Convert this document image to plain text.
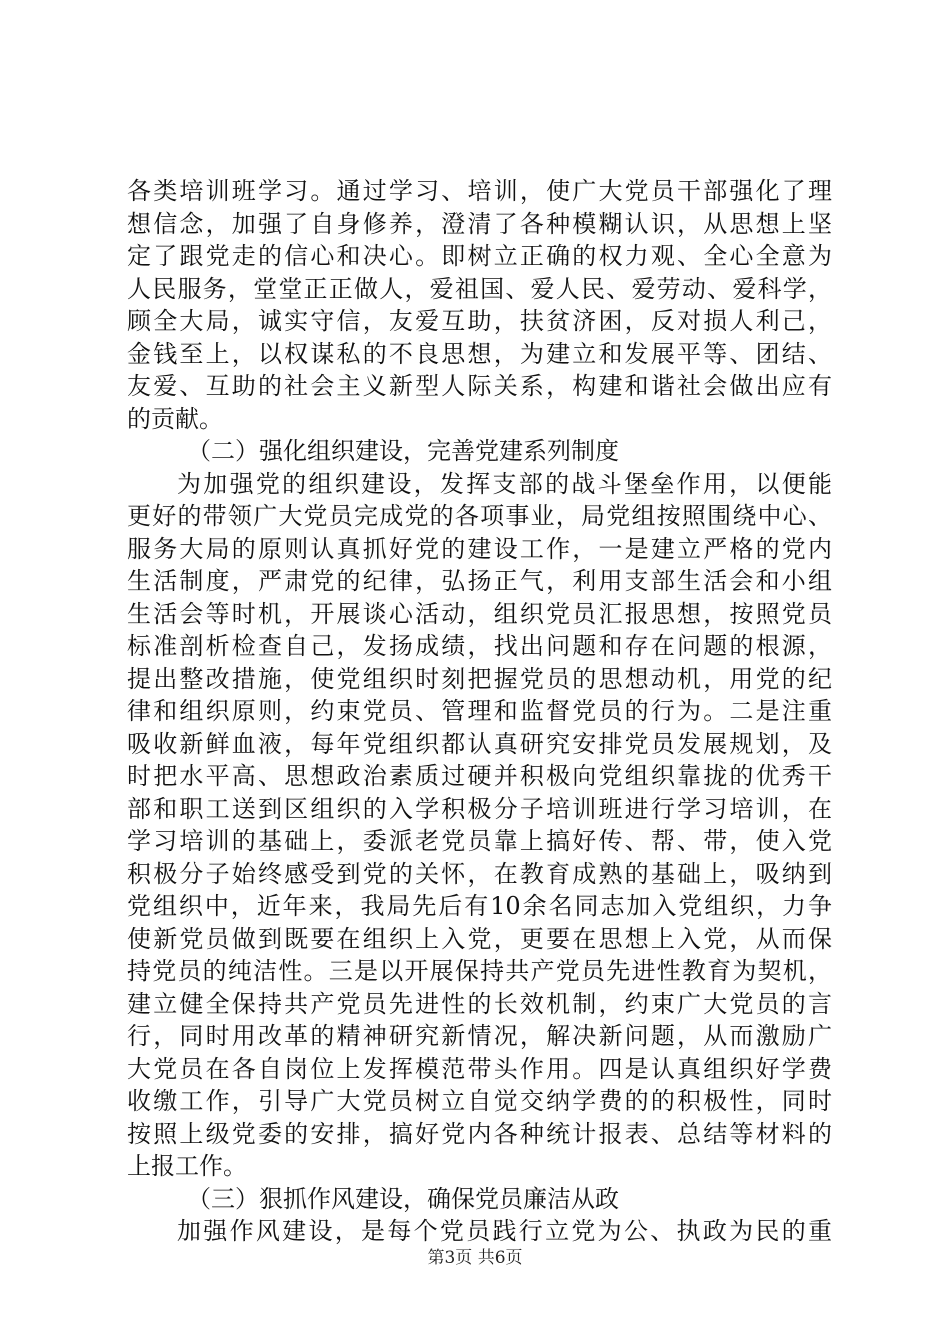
各类培训班学习。通过学习、培训，使广大党员干部强化了理
想信念，加强了自身修养，澄清了各种模糊认识，从思想上坚
定了跟党走的信心和决心。即树立正确的权力观、全心全意为
人民服务，堂堂正正做人，爱祖国、爱人民、爱劳动、爱科学，
顾全大局，诚实守信，友爱互助，扶贫济困，反对损人利己，
金钱至上，以权谋私的不良思想，为建立和发展平等、团结、
友爱、互助的社会主义新型人际关系，构建和谐社会做出应有
的贡献。
（二）强化组织建设，完善党建系列制度
为加强党的组织建设，发挥支部的战斗堡垒作用，以便能
更好的带领广大党员完成党的各项事业，局党组按照围绕中心、
服务大局的原则认真抓好党的建设工作，一是建立严格的党内
生活制度，严肃党的纪律，弘扬正气，利用支部生活会和小组
生活会等时机，开展谈心活动，组织党员汇报思想，按照党员
标准剖析检查自己，发扬成绩，找出问题和存在问题的根源，
提出整改措施，使党组织时刻把握党员的思想动机，用党的纪
律和组织原则，约束党员、管理和监督党员的行为。二是注重
吸收新鲜血液，每年党组织都认真研究安排党员发展规划，及
时把水平高、思想政治素质过硬并积极向党组织靠拢的优秀干
部和职工送到区组织的入学积极分子培训班进行学习培训，在
学习培训的基础上，委派老党员靠上搞好传、帮、带，使入党
积极分子始终感受到党的关怀，在教育成熟的基础上，吸纳到
党组织中，近年来，我局先后有10余名同志加入党组织，力争
使新党员做到既要在组织上入党，更要在思想上入党，从而保
持党员的纯洁性。三是以开展保持共产党员先进性教育为契机，
建立健全保持共产党员先进性的长效机制，约束广大党员的言
行，同时用改革的精神研究新情况，解决新问题，从而激励广
大党员在各自岗位上发挥模范带头作用。四是认真组织好学费
收缴工作，引导广大党员树立自觉交纳学费的的积极性，同时
按照上级党委的安排，搞好党内各种统计报表、总结等材料的
上报工作。
（三）狠抓作风建设，确保党员廉洁从政
加强作风建设，是每个党员践行立党为公、执政为民的重
第3页 共6页
